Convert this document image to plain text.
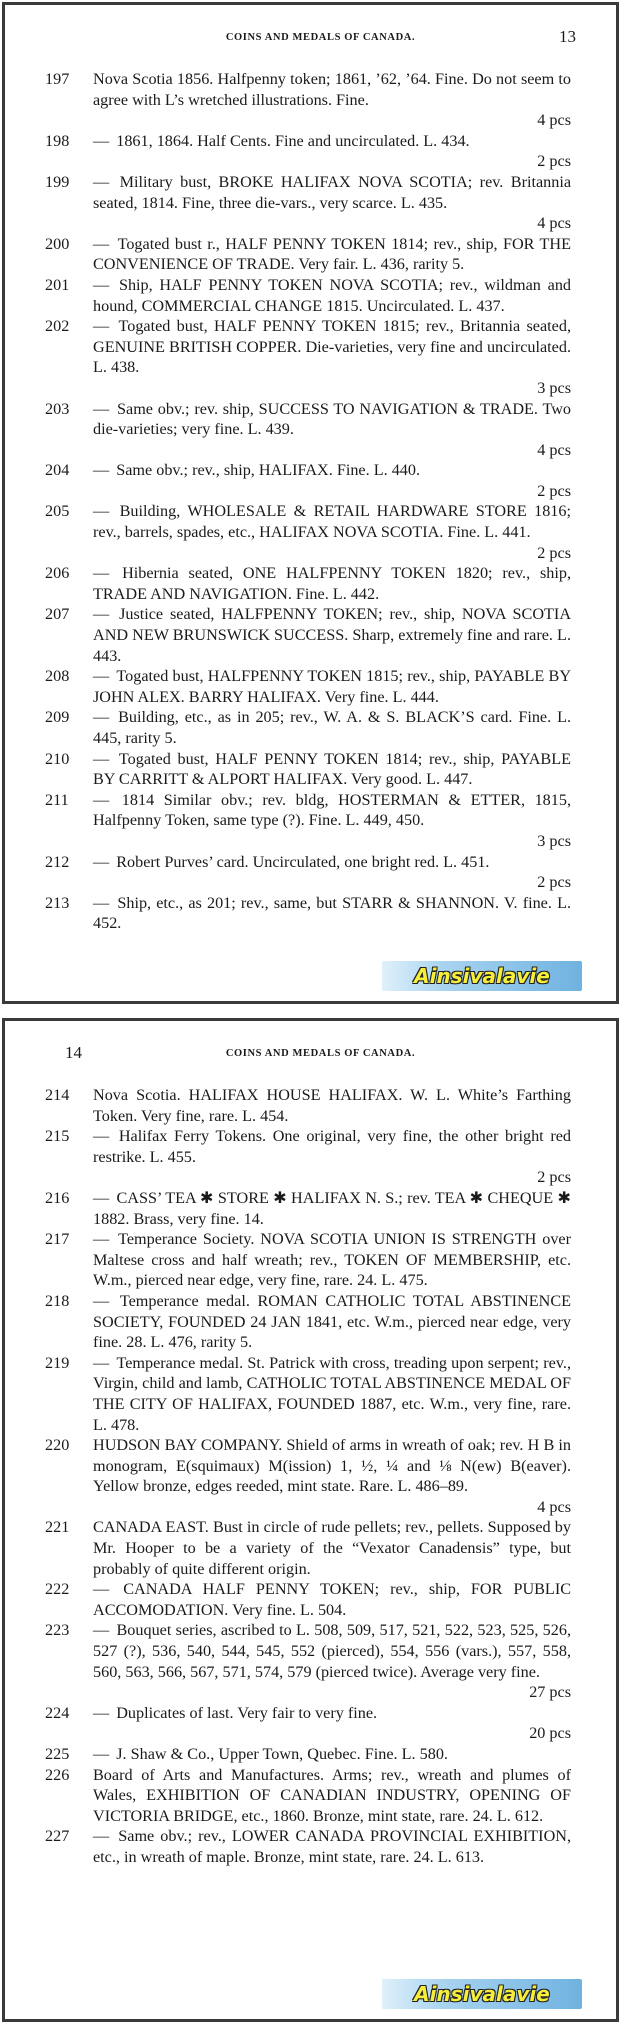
COINS AND MEDALS OF CANADA.	13
197	Nova Scotia 1856. Halfpenny token; 1861, ’62, ’64. Fine. Do not seem to agree with L’s wretched illustrations. Fine.
4 pcs
198	— 1861, 1864. Half Cents. Fine and uncirculated. L. 434.
2 pcs
199	— Military bust, BROKE HALIFAX NOVA SCOTIA; rev. Britannia seated, 1814. Fine, three die-vars., very scarce. L. 435.
4 pcs
200	— Togated bust r., HALF PENNY TOKEN 1814; rev., ship, FOR THE CONVENIENCE OF TRADE. Very fair. L. 436, rarity 5.
201	— Ship, HALF PENNY TOKEN NOVA SCOTIA; rev., wildman and hound, COMMERCIAL CHANGE 1815. Uncirculated. L. 437.
202	— Togated bust, HALF PENNY TOKEN 1815; rev., Britannia seated, GENUINE BRITISH COPPER. Die-varieties, very fine and uncirculated. L. 438.
3 pcs
203	— Same obv.; rev. ship, SUCCESS TO NAVIGATION & TRADE. Two die-varieties; very fine. L. 439.
4 pcs
204	— Same obv.; rev., ship, HALIFAX. Fine. L. 440.
2 pcs
205	— Building, WHOLESALE & RETAIL HARDWARE STORE 1816; rev., barrels, spades, etc., HALIFAX NOVA SCOTIA. Fine. L. 441.
2 pcs
206	— Hibernia seated, ONE HALFPENNY TOKEN 1820; rev., ship, TRADE AND NAVIGATION. Fine. L. 442.
207	— Justice seated, HALFPENNY TOKEN; rev., ship, NOVA SCOTIA AND NEW BRUNSWICK SUCCESS. Sharp, extremely fine and rare. L. 443.
208	— Togated bust, HALFPENNY TOKEN 1815; rev., ship, PAYABLE BY JOHN ALEX. BARRY HALIFAX. Very fine. L. 444.
209	— Building, etc., as in 205; rev., W. A. & S. BLACK’S card. Fine. L. 445, rarity 5.
210	— Togated bust, HALF PENNY TOKEN 1814; rev., ship, PAYABLE BY CARRITT & ALPORT HALIFAX. Very good. L. 447.
211	— 1814 Similar obv.; rev. bldg, HOSTERMAN & ETTER, 1815, Halfpenny Token, same type (?). Fine. L. 449, 450.
3 pcs
212	— Robert Purves’ card. Uncirculated, one bright red. L. 451.
2 pcs
213	— Ship, etc., as 201; rev., same, but STARR & SHANNON. V. fine. L. 452.
Ainsivalavie
14	COINS AND MEDALS OF CANADA.
214	Nova Scotia. HALIFAX HOUSE HALIFAX. W. L. White’s Farthing Token. Very fine, rare. L. 454.
215	— Halifax Ferry Tokens. One original, very fine, the other bright red restrike. L. 455.
2 pcs
216	— CASS’ TEA ✱ STORE ✱ HALIFAX N. S.; rev. TEA ✱ CHEQUE ✱ 1882. Brass, very fine. 14.
217	— Temperance Society. NOVA SCOTIA UNION IS STRENGTH over Maltese cross and half wreath; rev., TOKEN OF MEMBERSHIP, etc. W.m., pierced near edge, very fine, rare. 24. L. 475.
218	— Temperance medal. ROMAN CATHOLIC TOTAL ABSTINENCE SOCIETY, FOUNDED 24 JAN 1841, etc. W.m., pierced near edge, very fine. 28. L. 476, rarity 5.
219	— Temperance medal. St. Patrick with cross, treading upon serpent; rev., Virgin, child and lamb, CATHOLIC TOTAL ABSTINENCE MEDAL OF THE CITY OF HALIFAX, FOUNDED 1887, etc. W.m., very fine, rare. L. 478.
220	HUDSON BAY COMPANY. Shield of arms in wreath of oak; rev. H B in monogram, E(squimaux) M(ission) 1, ½, ¼ and ⅛ N(ew) B(eaver). Yellow bronze, edges reeded, mint state. Rare. L. 486–89.
4 pcs
221	CANADA EAST. Bust in circle of rude pellets; rev., pellets. Supposed by Mr. Hooper to be a variety of the “Vexator Canadensis” type, but probably of quite different origin.
222	— CANADA HALF PENNY TOKEN; rev., ship, FOR PUBLIC ACCOMODATION. Very fine. L. 504.
223	— Bouquet series, ascribed to L. 508, 509, 517, 521, 522, 523, 525, 526, 527 (?), 536, 540, 544, 545, 552 (pierced), 554, 556 (vars.), 557, 558, 560, 563, 566, 567, 571, 574, 579 (pierced twice). Average very fine.
27 pcs
224	— Duplicates of last. Very fair to very fine.
20 pcs
225	— J. Shaw & Co., Upper Town, Quebec. Fine. L. 580.
226	Board of Arts and Manufactures. Arms; rev., wreath and plumes of Wales, EXHIBITION OF CANADIAN INDUSTRY, OPENING OF VICTORIA BRIDGE, etc., 1860. Bronze, mint state, rare. 24. L. 612.
227	— Same obv.; rev., LOWER CANADA PROVINCIAL EXHIBITION, etc., in wreath of maple. Bronze, mint state, rare. 24. L. 613.
Ainsivalavie
